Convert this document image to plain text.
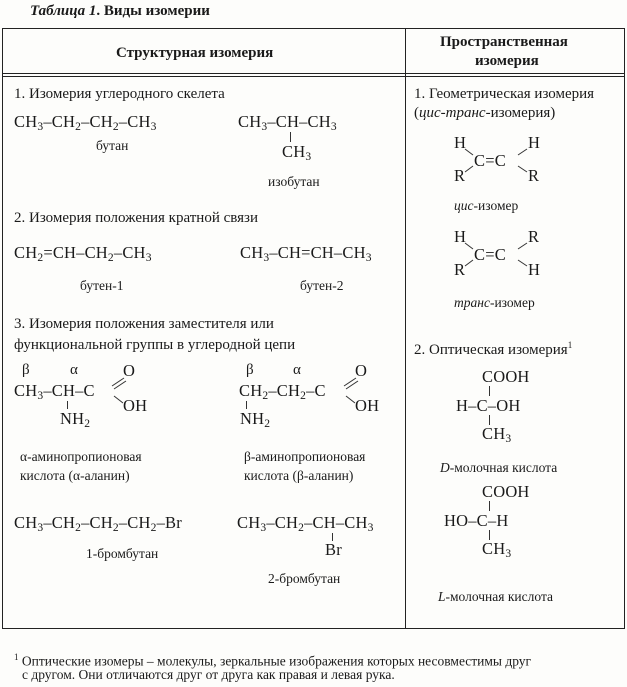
Таблица 1. Виды изомерии
Структурная изомерия
Пространственная
изомерия
1. Изомерия углеродного скелета
$CH_3-CH_2-CH_2-CH_3$
бутан
$CH_3-CH-CH_3$
$CH_3$
изобутан
2. Изомерия положения кратной связи
$CH_2=CH-CH_2-CH_3$
бутен-1
$CH_3-CH=CH-CH_3$
бутен-2
3. Изомерия положения заместителя или
функциональной группы в углеродной цепи
β	α	O
$CH_3-CH-C$
OH
$NH_2$
α-аминопропионовая
кислота (α-аланин)
β	α	O
$CH_2-CH_2-C$
OH
$NH_2$
β-аминопропионовая
кислота (β-аланин)
$CH_3-CH_2-CH_2-CH_2-Br$
1-бромбутан
$CH_3-CH_2-CH-CH_3$
Br
2-бромбутан
1. Геометрическая изомерия
(цис-транс-изомерия)
H	H
C=C
R	R
цис-изомер
H	R
C=C
R	H
транс-изомер
2. Оптическая изомерия$^1$
COOH
H–C–OH
$CH_3$
D-молочная кислота
COOH
HO–C–H
$CH_3$
L-молочная кислота
$^1$ Оптические изомеры – молекулы, зеркальные изображения которых несовместимы друг
с другом. Они отличаются друг от друга как правая и левая рука.
